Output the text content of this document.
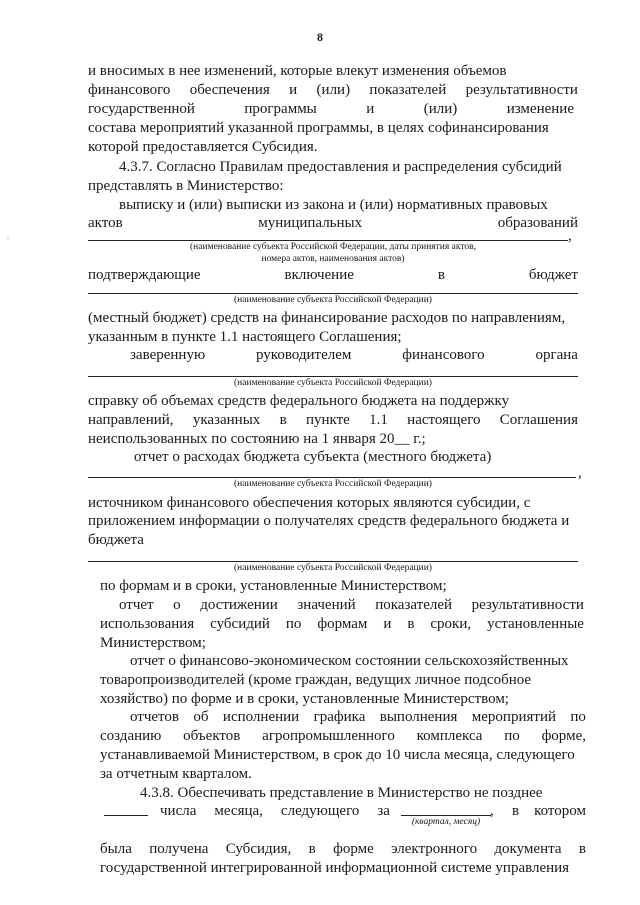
8
.
и вносимых в нее изменений, которые влекут изменения объемов
финансового обеспечения и (или) показателей результативности
государственной	программы	и	(или)	изменение
состава мероприятий указанной программы, в целях софинансирования
которой предоставляется Субсидия.
4.3.7. Согласно Правилам предоставления и распределения субсидий
представлять в Министерство:
выписку и (или) выписки из закона и (или) нормативных правовых
актов	муниципальных	образований
,
(наименование субъекта Российской Федерации, даты принятия актов,
номера актов, наименования актов)
подтверждающие	включение	в	бюджет
(наименование субъекта Российской Федерации)
(местный бюджет) средств на финансирование расходов по направлениям,
указанным в пункте 1.1 настоящего Соглашения;
заверенную	руководителем	финансового	органа
(наименование субъекта Российской Федерации)
справку об объемах средств федерального бюджета на поддержку
направлений, указанных в пункте 1.1 настоящего Соглашения
неиспользованных по состоянию на 1 января 20__ г.;
отчет о расходах бюджета субъекта (местного бюджета)
,
(наименование субъекта Российской Федерации)
источником финансового обеспечения которых являются субсидии, с
приложением информации о получателях средств федерального бюджета и
бюджета
(наименование субъекта Российской Федерации)
по формам и в сроки, установленные Министерством;
отчет о достижении значений показателей результативности
использования субсидий по формам и в сроки, установленные
Министерством;
отчет о финансово-экономическом состоянии сельскохозяйственных
товаропроизводителей (кроме граждан, ведущих личное подсобное
хозяйство) по форме и в сроки, установленные Министерством;
отчетов об исполнении графика выполнения мероприятий по
созданию объектов агропромышленного комплекса по форме,
устанавливаемой Министерством, в срок до 10 числа месяца, следующего
за отчетным кварталом.
4.3.8. Обеспечивать представление в Министерство не позднее
числа месяца, следующего за	, в котором
(квартал, месяц)
была получена Субсидия, в форме электронного документа в
государственной интегрированной информационной системе управления
